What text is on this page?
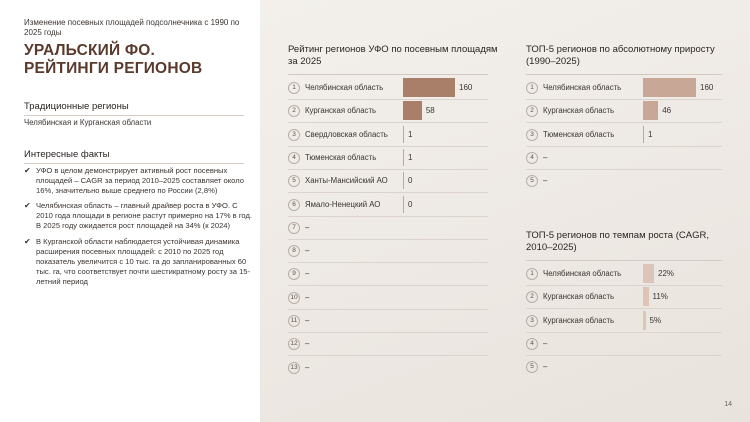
Изменение посевных площадей подсолнечника с 1990 по 2025 годы
УРАЛЬСКИЙ ФО.
РЕЙТИНГИ РЕГИОНОВ
Традиционные регионы
Челябинская и Курганская области
Интересные факты
✔ УФО в целом демонстрирует активный рост посевных площадей – CAGR за период 2010–2025 составляет около 16%, значительно выше среднего по России (2,8%)
✔ Челябинская область – главный драйвер роста в УФО. С 2010 года площади в регионе растут примерно на 17% в год. В 2025 году ожидается рост площадей на 34% (к 2024)
✔ В Курганской области наблюдается устойчивая динамика расширения посевных площадей: с 2010 по 2025 год показатель увеличится с 10 тыс. га до запланированных 60 тыс. га, что соответствует почти шестикратному росту за 15-летний период
Рейтинг регионов УФО по посевным площадям за 2025
1	Челябинская область	160
2	Курганская область	58
3	Свердловская область	1
4	Тюменская область	1
5	Ханты-Мансийский АО	0
6	Ямало-Ненецкий АО	0
7	–
8	–
9	–
10 –
11 –
12 –
13 –
ТОП-5 регионов по абсолютному приросту (1990–2025)
1	Челябинская область	160
2	Курганская область	46
3	Тюменская область	1
4	–
5	–
ТОП-5 регионов по темпам роста (CAGR, 2010–2025)
1	Челябинская область	22%
2	Курганская область	11%
3	Курганская область	5%
4	–
5	–
14
